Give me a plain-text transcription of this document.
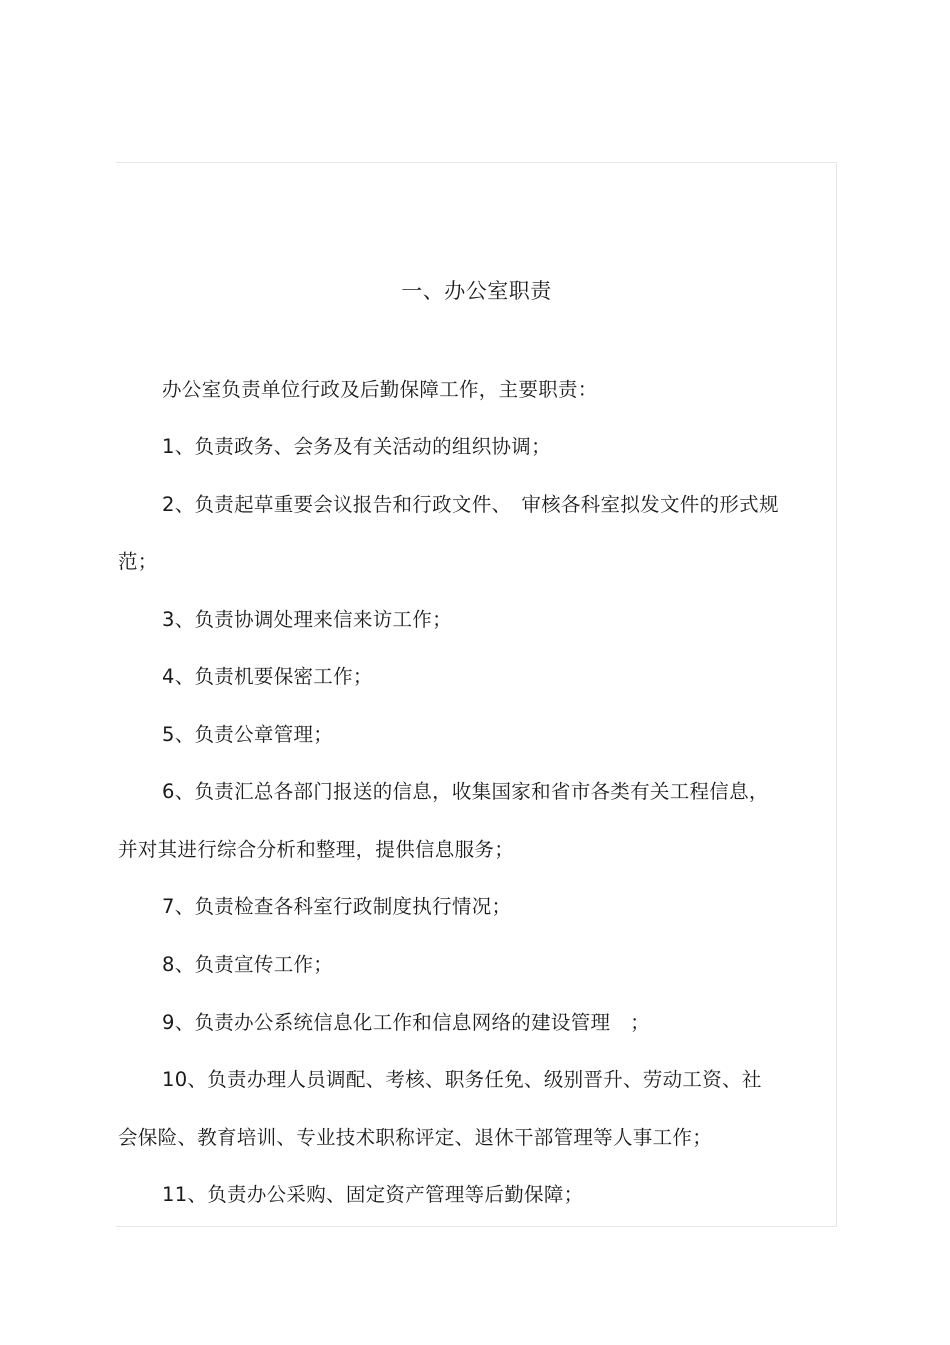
一、办公室职责
办公室负责单位行政及后勤保障工作，主要职责：
1、负责政务、会务及有关活动的组织协调；
2、负责起草重要会议报告和行政文件、　审核各科室拟发文件的形式规
范；
3、负责协调处理来信来访工作；
4、负责机要保密工作；
5、负责公章管理；
6、负责汇总各部门报送的信息，收集国家和省市各类有关工程信息，
并对其进行综合分析和整理，提供信息服务；
7、负责检查各科室行政制度执行情况；
8、负责宣传工作；
9、负责办公系统信息化工作和信息网络的建设管理　；
10、负责办理人员调配、考核、职务任免、级别晋升、劳动工资、社
会保险、教育培训、专业技术职称评定、退休干部管理等人事工作；
11、负责办公采购、固定资产管理等后勤保障；
